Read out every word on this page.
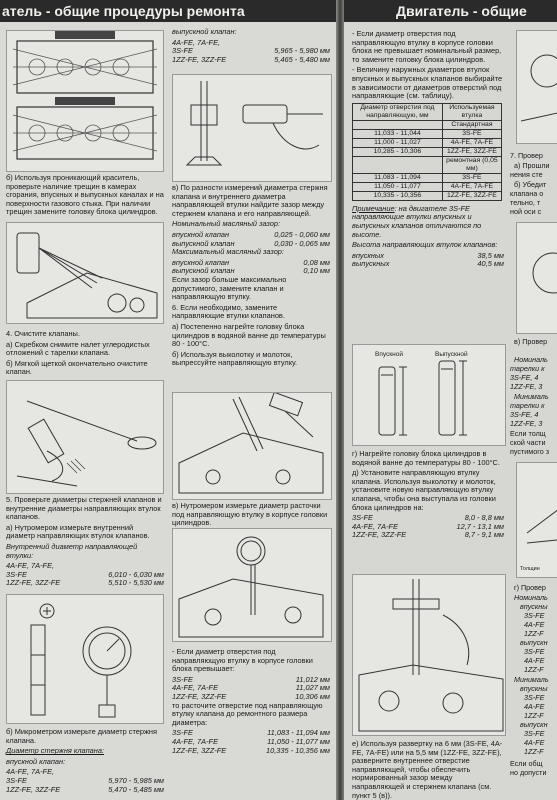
атель - общие процедуры ремонта

б) Используя проникающий краситель, проверьте наличие трещин в камерах сгорания, впускных и выпускных каналах и на поверхности газового стыка. При наличии трещин замените головку блока цилиндров.

4. Очистите клапаны.

а) Скребком снимите налет углеродистых отложений с тарелки клапана.

б) Мягкой щеткой окончательно очистите клапан.

5. Проверьте диаметры стержней клапанов и внутренние диаметры направляющих втулок клапанов.

а) Нутромером измерьте внутренний диаметр направляющих втулок клапанов.

Внутренний диаметр направляющей втулки:

4A-FE, 7A-FE,
3S-FE	6,010 - 6,030 мм
1ZZ-FE, 3ZZ-FE	5,510 - 5,530 мм

б) Микрометром измерьте диаметр стержня клапана.

Диаметр стержня клапана:

впускной клапан:

4A-FE, 7A-FE,
3S-FE	5,970 - 5,985 мм
1ZZ-FE, 3ZZ-FE	5,470 - 5,485 мм

выпускной клапан:

4A-FE, 7A-FE,
3S-FE	5,965 - 5,980 мм
1ZZ-FE, 3ZZ-FE	5,465 - 5,480 мм

в) По разности измерений диаметра стержня клапана и внутреннего диаметра направляющей втулки найдите зазор между стержнем клапана и его направляющей.

Номинальный масляный зазор:

впускной клапан	0,025 - 0,060 мм
выпускной клапан	0,030 - 0,065 мм

Максимальный масляный зазор:

впускной клапан	0,08 мм
выпускной клапан	0,10 мм

Если зазор больше максимально допустимого, замените клапан и направляющую втулку.

6. Если необходимо, замените направляющие втулки клапанов.

а) Постепенно нагрейте головку блока цилиндров в водяной ванне до температуры 80 - 100°C.

б) Используя выколотку и молоток, выпрессуйте направляющую втулку.

в) Нутромером измерьте диаметр расточки под направляющую втулку в корпусе головки цилиндров.

- Если диаметр отверстия под направляющую втулку в корпусе головки блока превышает:

3S-FE	11,012 мм
4A-FE, 7A-FE	11,027 мм
1ZZ-FE, 3ZZ-FE	10,306 мм

то расточите отверстие под направляющую втулку клапана до ремонтного размера диаметра:

3S-FE	11,083 - 11,094 мм
4A-FE, 7A-FE	11,050 - 11,077 мм
1ZZ-FE, 3ZZ-FE	10,335 - 10,356 мм
Двигатель - общие

- Если диаметр отверстия под направляющую втулку в корпусе головки блока не превышает номинальный размер, то замените головку блока цилиндров.

- Величину наружных диаметров втулок впускных и выпускных клапанов выбирайте в зависимости от диаметров отверстий под направляющие (см. таблицу).

Диаметр отверстия под направляющую, мм	Используемая втулка
	Стандартная
11,033 - 11,044	3S-FE
11,000 - 11,027	4A-FE, 7A-FE
10,285 - 10,306	1ZZ-FE, 3ZZ-FE
	ремонтная (0,05 мм)
11,083 - 11,094	3S-FE
11,050 - 11,077	4A-FE, 7A-FE
10,335 - 10,356	1ZZ-FE, 3ZZ-FE

Примечание: на двигателе 3S-FE направляющие втулки впускных и выпускных клапанов отличаются по высоте.

Высота направляющих втулок клапанов:

впускных	38,5 мм
выпускных	40,5 мм
Впускной	Выпускной

г) Нагрейте головку блока цилиндров в водяной ванне до температуры 80 - 100°C.

д) Установите направляющую втулку клапана. Используя выколотку и молоток, установите новую направляющую втулку клапана, чтобы она выступала из головки блока цилиндров на:

3S-FE	8,0 - 8,8 мм
4A-FE, 7A-FE	12,7 - 13,1 мм
1ZZ-FE, 3ZZ-FE	8,7 - 9,1 мм

е) Используя развертку на 6 мм (3S-FE, 4A-FE, 7A-FE) или на 5,5 мм (1ZZ-FE, 3ZZ-FE), разверните внутреннее отверстие направляющей, чтобы обеспечить нормированный зазор между направляющей и стержнем клапана (см. пункт 5 (в)).

7. Провер
а) Прошли
нения сте
б) Убедит
клапана о
тельно, т
ной оси с
в) Провер
Номиналь
тарелки к
3S-FE, 4
1ZZ-FE, 3
Минималь
тарелки к
3S-FE, 4
1ZZ-FE, 3
Если толщ
ской части
пустимого з
Толщин
г) Провер
Номиналь
впускны
3S-FE
4A-FE
1ZZ-F
выпускн
3S-FE
4A-FE
1ZZ-F
Минималь
впускны
3S-FE
4A-FE
1ZZ-F
выпускн
3S-FE
4A-FE
1ZZ-F
Если общ
но допусти
